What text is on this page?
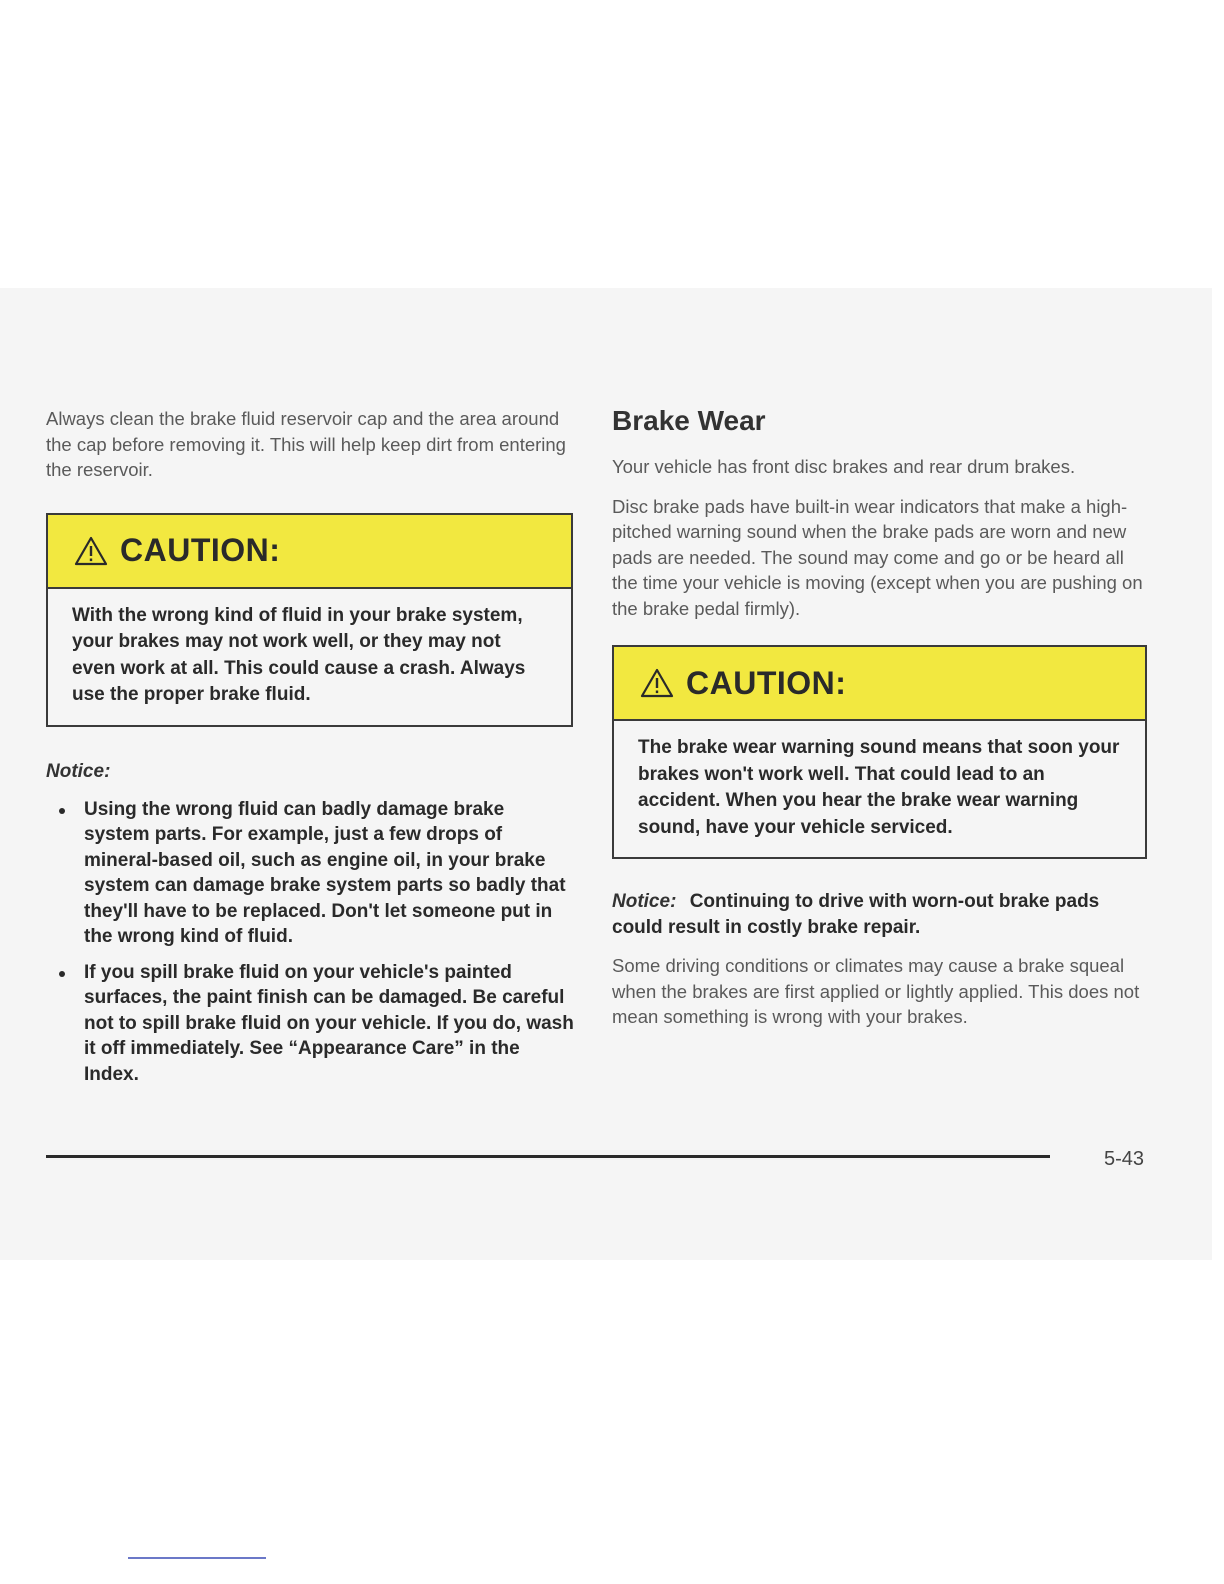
Always clean the brake fluid reservoir cap and the area around the cap before removing it. This will help keep dirt from entering the reservoir.

CAUTION:
With the wrong kind of fluid in your brake system, your brakes may not work well, or they may not even work at all. This could cause a crash. Always use the proper brake fluid.
Notice:
Using the wrong fluid can badly damage brake system parts. For example, just a few drops of mineral-based oil, such as engine oil, in your brake system can damage brake system parts so badly that they'll have to be replaced. Don't let someone put in the wrong kind of fluid.
If you spill brake fluid on your vehicle's painted surfaces, the paint finish can be damaged. Be careful not to spill brake fluid on your vehicle. If you do, wash it off immediately. See “Appearance Care” in the Index.
Brake Wear

Your vehicle has front disc brakes and rear drum brakes.

Disc brake pads have built-in wear indicators that make a high-pitched warning sound when the brake pads are worn and new pads are needed. The sound may come and go or be heard all the time your vehicle is moving (except when you are pushing on the brake pedal firmly).

CAUTION:
The brake wear warning sound means that soon your brakes won't work well. That could lead to an accident. When you hear the brake wear warning sound, have your vehicle serviced.

Notice: Continuing to drive with worn-out brake pads could result in costly brake repair.

Some driving conditions or climates may cause a brake squeal when the brakes are first applied or lightly applied. This does not mean something is wrong with your brakes.

5-43
